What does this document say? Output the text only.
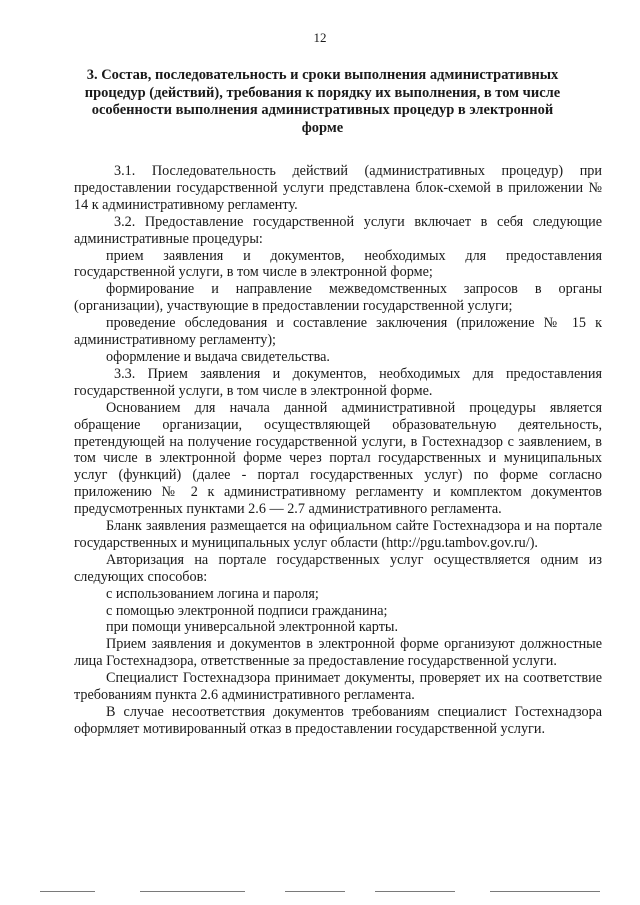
12
3. Состав, последовательность и сроки выполнения административных
процедур (действий), требования к порядку их выполнения, в том числе
особенности выполнения административных процедур в электронной
форме

3.1. Последовательность действий (административных процедур) при предоставлении государственной услуги представлена блок-схемой в приложении № 14 к административному регламенту.

3.2. Предоставление государственной услуги включает в себя следующие административные процедуры:

прием заявления и документов, необходимых для предоставления государственной услуги, в том числе в электронной форме;

формирование и направление межведомственных запросов в органы (организации), участвующие в предоставлении государственной услуги;

проведение обследования и составление заключения (приложение № 15 к административному регламенту);

оформление и выдача свидетельства.

3.3. Прием заявления и документов, необходимых для предоставления государственной услуги, в том числе в электронной форме.

Основанием для начала данной административной процедуры является обращение организации, осуществляющей образовательную деятельность, претендующей на получение государственной услуги, в Гостехнадзор с заявлением, в том числе в электронной форме через портал государственных и муниципальных услуг (функций) (далее - портал государственных услуг) по форме согласно приложению № 2 к административному регламенту и комплектом документов предусмотренных пунктами 2.6 — 2.7 административного регламента.

Бланк заявления размещается на официальном сайте Гостехнадзора и на портале государственных и муниципальных услуг области (http://pgu.tambov.gov.ru/).

Авторизация на портале государственных услуг осуществляется одним из следующих способов:

с использованием логина и пароля;

с помощью электронной подписи гражданина;

при помощи универсальной электронной карты.

Прием заявления и документов в электронной форме организуют должностные лица Гостехнадзора, ответственные за предоставление государственной услуги.

Специалист Гостехнадзора принимает документы, проверяет их на соответствие требованиям пункта 2.6 административного регламента.

В случае несоответствия документов требованиям специалист Гостехнадзора оформляет мотивированный отказ в предоставлении государственной услуги.
